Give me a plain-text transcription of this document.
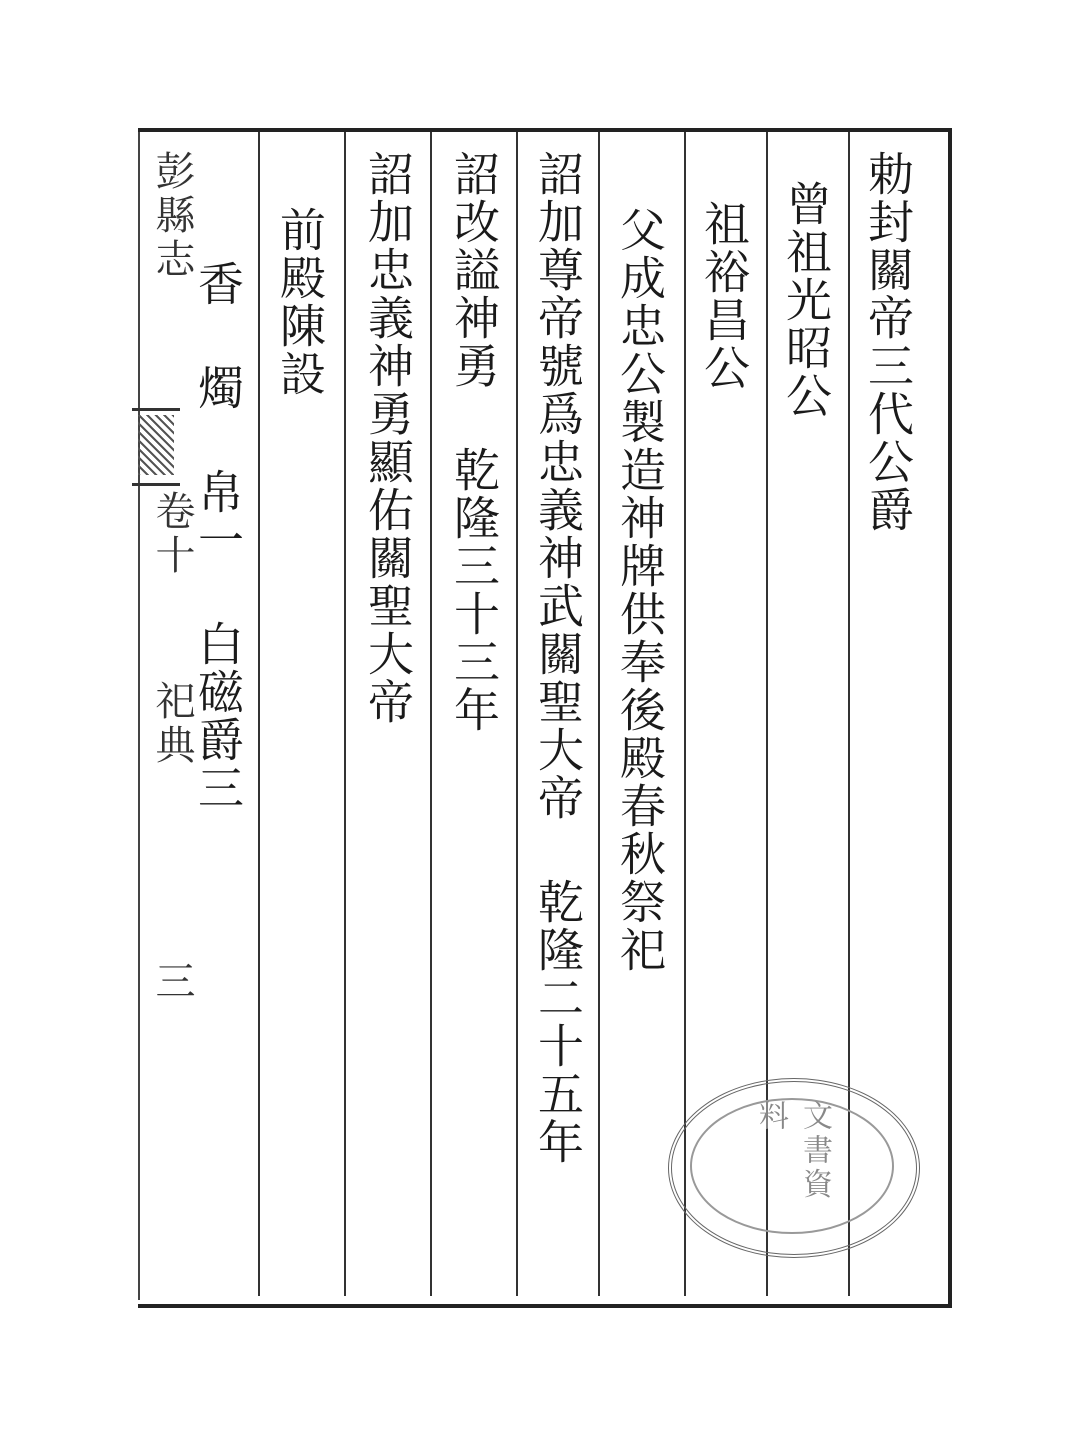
彭縣志
卷十
祀典
三
勅封關帝三代公爵
曾祖光昭公
祖裕昌公
父成忠公製造神牌供奉後殿春秋祭祀
詔加尊帝號爲忠義神武關聖大帝 乾隆二十五年
詔改謚神勇 乾隆三十三年
詔加忠義神勇顯佑關聖大帝
前殿陳設
香 燭 帛一 白磁爵三
文書資料
